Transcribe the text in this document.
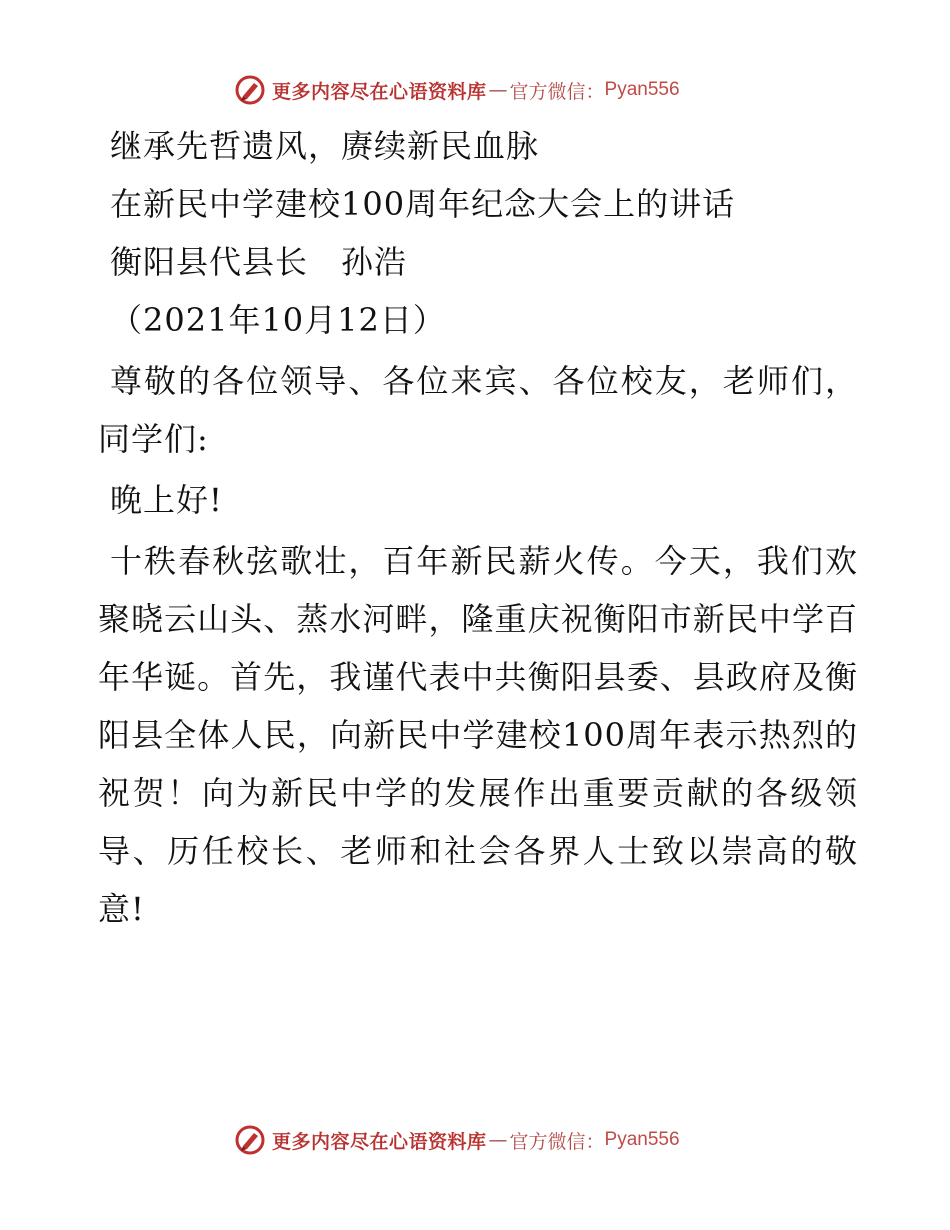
更多内容尽在心语资料库 — 官方微信： Pyan556

继承先哲遗风，赓续新民血脉

在新民中学建校100周年纪念大会上的讲话

衡阳县代县长　孙浩

（2021年10月12日）

尊敬的各位领导、各位来宾、各位校友，老师们，同学们:

晚上好!

十秩春秋弦歌壮，百年新民薪火传。今天，我们欢聚晓云山头、蒸水河畔，隆重庆祝衡阳市新民中学百年华诞。首先，我谨代表中共衡阳县委、县政府及衡阳县全体人民，向新民中学建校100周年表示热烈的祝贺！向为新民中学的发展作出重要贡献的各级领导、历任校长、老师和社会各界人士致以崇高的敬意!

更多内容尽在心语资料库 — 官方微信： Pyan556
